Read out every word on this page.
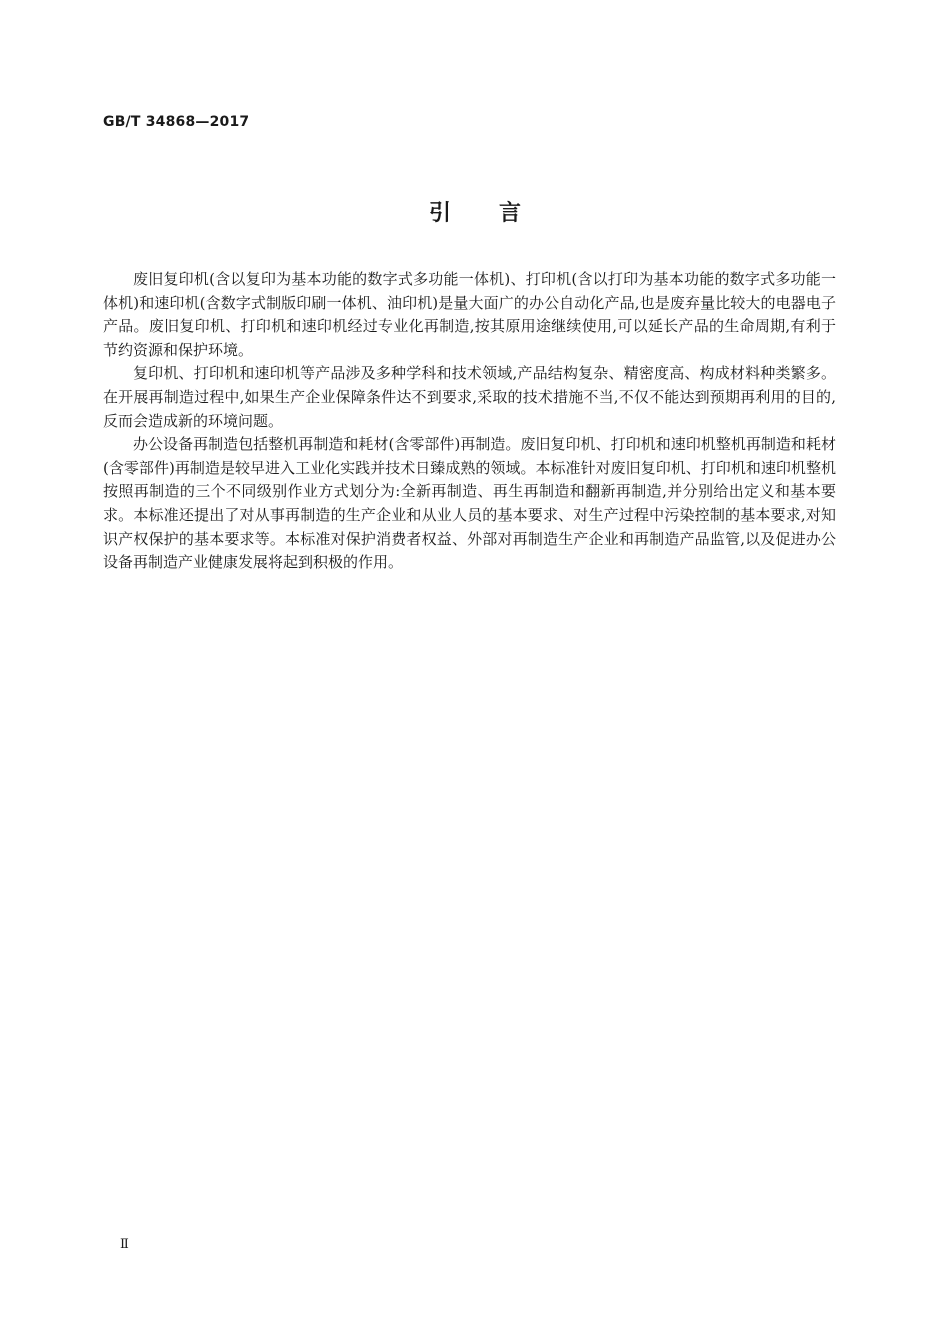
GB/T 34868—2017
引 言

废旧复印机(含以复印为基本功能的数字式多功能一体机)、打印机(含以打印为基本功能的数字式多功能一体机)和速印机(含数字式制版印刷一体机、油印机)是量大面广的办公自动化产品,也是废弃量比较大的电器电子产品。废旧复印机、打印机和速印机经过专业化再制造,按其原用途继续使用,可以延长产品的生命周期,有利于节约资源和保护环境。

复印机、打印机和速印机等产品涉及多种学科和技术领域,产品结构复杂、精密度高、构成材料种类繁多。在开展再制造过程中,如果生产企业保障条件达不到要求,采取的技术措施不当,不仅不能达到预期再利用的目的,反而会造成新的环境问题。

办公设备再制造包括整机再制造和耗材(含零部件)再制造。废旧复印机、打印机和速印机整机再制造和耗材(含零部件)再制造是较早进入工业化实践并技术日臻成熟的领域。本标准针对废旧复印机、打印机和速印机整机按照再制造的三个不同级别作业方式划分为:全新再制造、再生再制造和翻新再制造,并分别给出定义和基本要求。本标准还提出了对从事再制造的生产企业和从业人员的基本要求、对生产过程中污染控制的基本要求,对知识产权保护的基本要求等。本标准对保护消费者权益、外部对再制造生产企业和再制造产品监管,以及促进办公设备再制造产业健康发展将起到积极的作用。

Ⅱ
